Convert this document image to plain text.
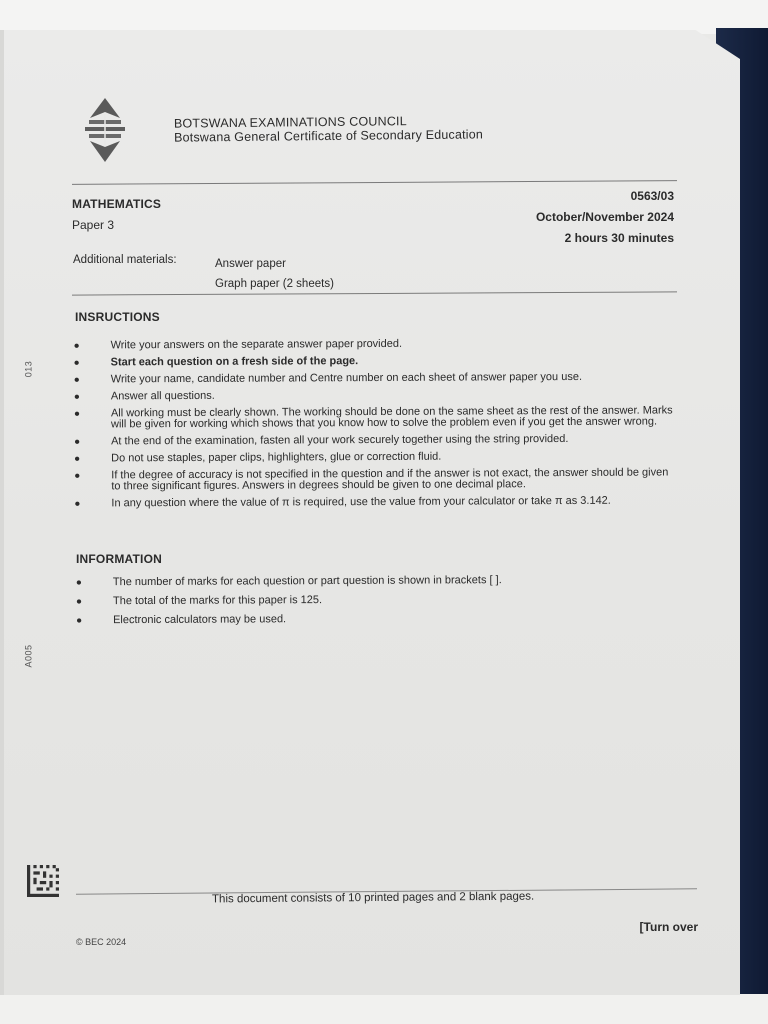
013
A005
BOTSWANA EXAMINATIONS COUNCIL
Botswana General Certificate of Secondary Education
MATHEMATICS
Paper 3
0563/03
October/November 2024
2 hours 30 minutes
Additional materials:	Answer paper
Graph paper (2 sheets)
INSRUCTIONS
●	Write your answers on the separate answer paper provided.
●	Start each question on a fresh side of the page.
●	Write your name, candidate number and Centre number on each sheet of answer paper you use.
●	Answer all questions.
●	All working must be clearly shown. The working should be done on the same sheet as the rest of the answer. Marks will be given for working which shows that you know how to solve the problem even if you get the answer wrong.
●	At the end of the examination, fasten all your work securely together using the string provided.
●	Do not use staples, paper clips, highlighters, glue or correction fluid.
●	If the degree of accuracy is not specified in the question and if the answer is not exact, the answer should be given to three significant figures. Answers in degrees should be given to one decimal place.
●	In any question where the value of π is required, use the value from your calculator or take π as 3.142.
INFORMATION
●	The number of marks for each question or part question is shown in brackets [ ].
●	The total of the marks for this paper is 125.
●	Electronic calculators may be used.
This document consists of 10 printed pages and 2 blank pages.
[Turn over
© BEC 2024
